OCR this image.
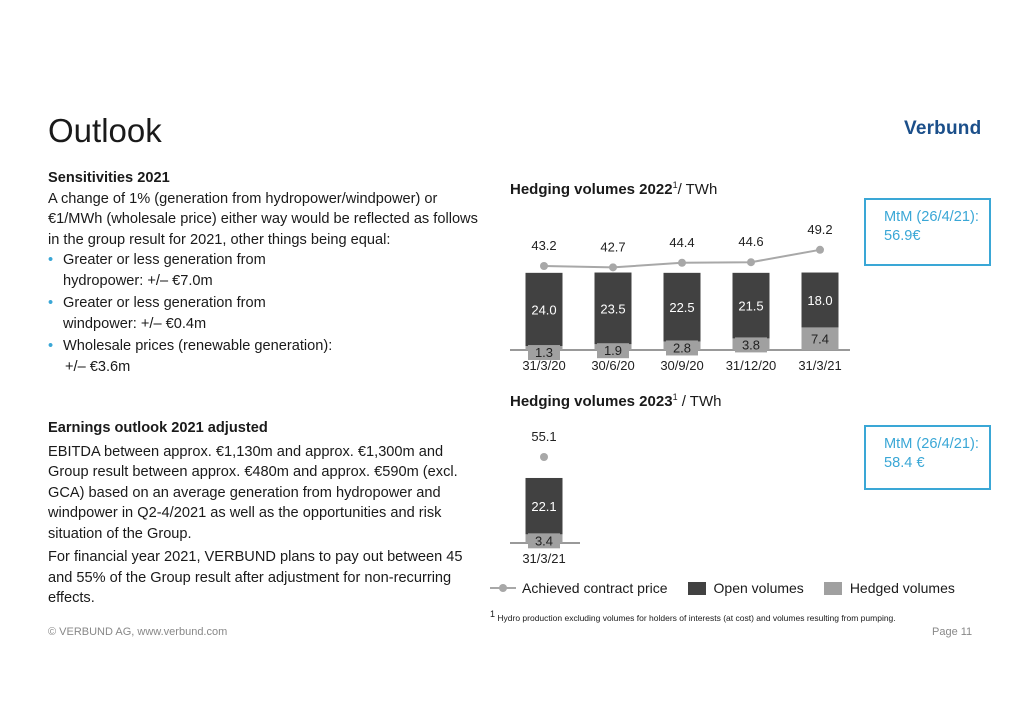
Outlook	Verbund
Sensitivities 2021
A change of 1% (generation from hydropower/windpower) or €1/MWh (wholesale price) either way would be reflected as follows in the group result for 2021, other things being equal:
• Greater or less generation from
hydropower: +/– €7.0m
• Greater or less generation from
windpower: +/– €0.4m
• Wholesale prices (renewable generation):
+/– €3.6m
Earnings outlook 2021 adjusted
EBITDA between approx. €1,130m and approx. €1,300m and Group result between approx. €480m and approx. €590m (excl. GCA) based on an average generation from hydropower and windpower in Q2-4/2021 as well as the opportunities and risk situation of the Group.
For financial year 2021, VERBUND plans to pay out between 45 and 55% of the Group result after adjustment for non-recurring effects.
Hedging volumes 2022$^1$/ TWh
MtM (26/4/21):
56.9€
24.0
1.3
31/3/20
43.2
23.5
1.9
30/6/20
42.7
22.5
2.8
30/9/20
44.4
21.5
3.8
31/12/20
44.6
18.0
7.4
31/3/21
49.2
Hedging volumes 2023$^1$ / TWh
MtM (26/4/21):
58.4 €
22.1
3.4
31/3/21
55.1
Achieved contract price	Open volumes	Hedged volumes
$^1$ Hydro production excluding volumes for holders of interests (at cost) and volumes resulting from pumping.
© VERBUND AG, www.verbund.com	Page 11
